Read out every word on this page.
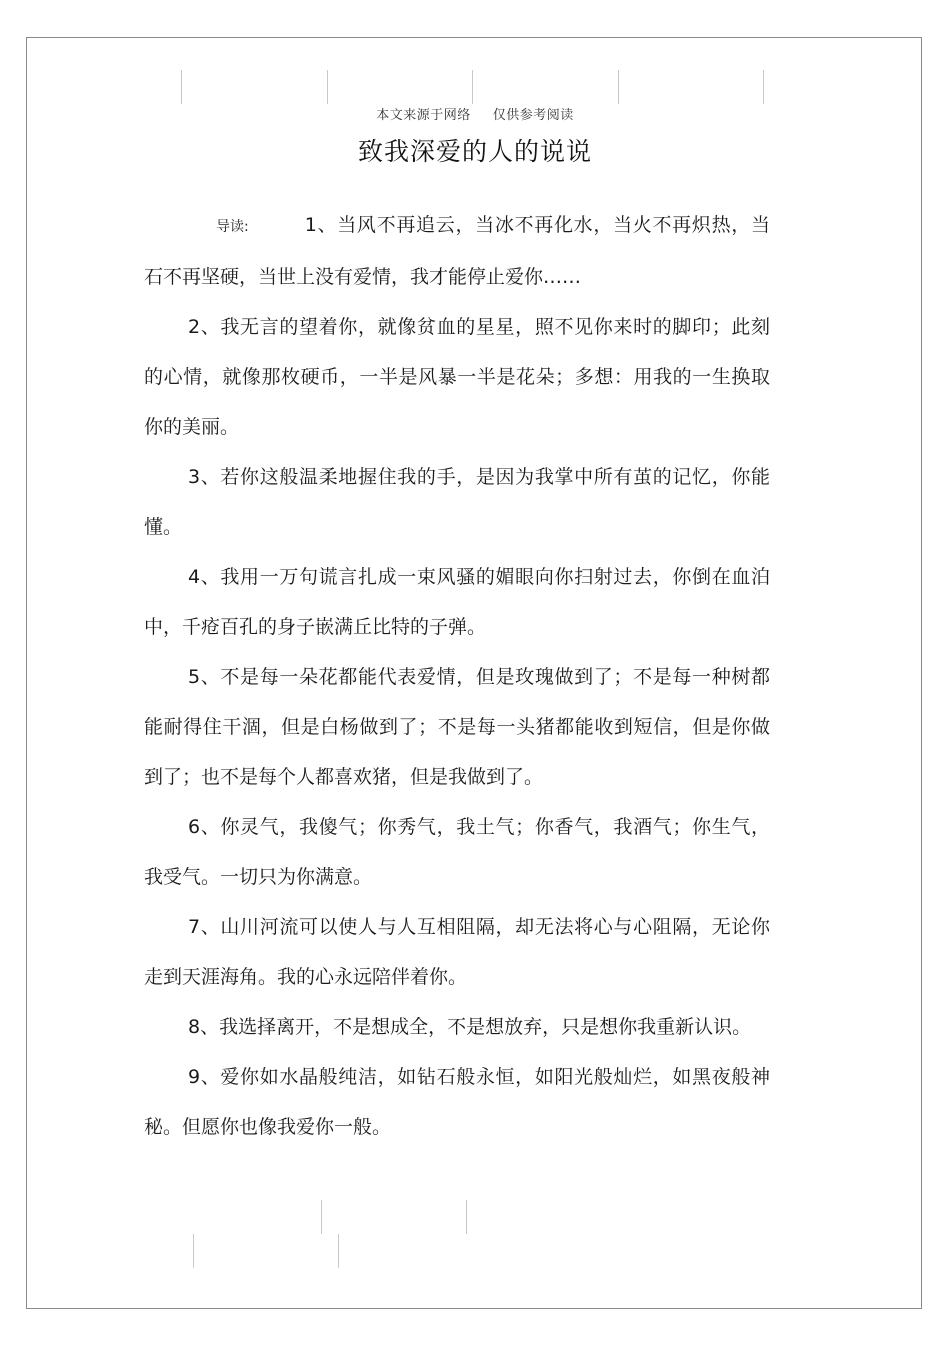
本文来源于网络 仅供参考阅读
致我深爱的人的说说

导读:	1、当风不再追云，当冰不再化水，当火不再炽热，当石不再坚硬，当世上没有爱情，我才能停止爱你……

2、我无言的望着你，就像贫血的星星，照不见你来时的脚印；此刻的心情，就像那枚硬币，一半是风暴一半是花朵；多想：用我的一生换取你的美丽。

3、若你这般温柔地握住我的手，是因为我掌中所有茧的记忆，你能懂。

4、我用一万句谎言扎成一束风骚的媚眼向你扫射过去，你倒在血泊中，千疮百孔的身子嵌满丘比特的子弹。

5、不是每一朵花都能代表爱情，但是玫瑰做到了；不是每一种树都能耐得住干涸，但是白杨做到了；不是每一头猪都能收到短信，但是你做到了；也不是每个人都喜欢猪，但是我做到了。

6、你灵气，我傻气；你秀气，我土气；你香气，我酒气；你生气，我受气。一切只为你满意。

7、山川河流可以使人与人互相阻隔，却无法将心与心阻隔，无论你走到天涯海角。我的心永远陪伴着你。

8、我选择离开，不是想成全，不是想放弃，只是想你我重新认识。

9、爱你如水晶般纯洁，如钻石般永恒，如阳光般灿烂，如黑夜般神秘。但愿你也像我爱你一般。
